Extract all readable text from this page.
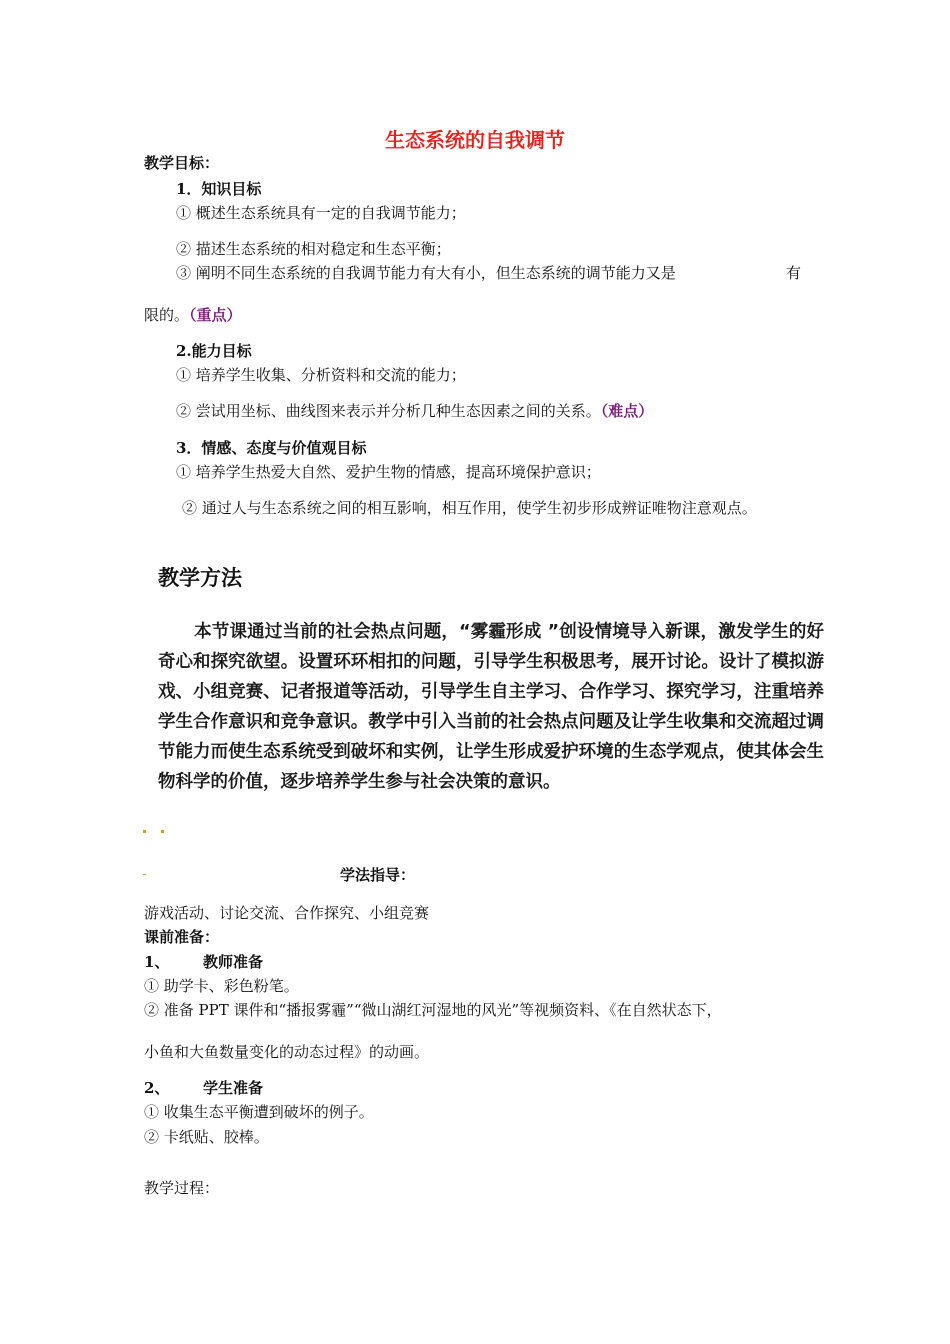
生态系统的自我调节
教学目标：
1．知识目标
① 概述生态系统具有一定的自我调节能力；
② 描述生态系统的相对稳定和生态平衡；
③ 阐明不同生态系统的自我调节能力有大有小，但生态系统的调节能力又是	有
限的。（重点）
2.能力目标
① 培养学生收集、分析资料和交流的能力；
② 尝试用坐标、曲线图来表示并分析几种生态因素之间的关系。（难点）
3．情感、态度与价值观目标
① 培养学生热爱大自然、爱护生物的情感，提高环境保护意识；
② 通过人与生态系统之间的相互影响，相互作用，使学生初步形成辨证唯物注意观点。
教学方法
本节课通过当前的社会热点问题，“雾霾形成 ”创设情境导入新课，激发学生的好奇心和探究欲望。设置环环相扣的问题，引导学生积极思考，展开讨论。设计了模拟游戏、小组竞赛、记者报道等活动，引导学生自主学习、合作学习、探究学习，注重培养学生合作意识和竞争意识。教学中引入当前的社会热点问题及让学生收集和交流超过调节能力而使生态系统受到破坏和实例，让学生形成爱护环境的生态学观点，使其体会生物科学的价值，逐步培养学生参与社会决策的意识。
学法指导：
游戏活动、讨论交流、合作探究、小组竞赛
课前准备：
1、 教师准备
① 助学卡、彩色粉笔。
② 准备 PPT 课件和“播报雾霾”“微山湖红河湿地的风光”等视频资料、《在自然状态下，
小鱼和大鱼数量变化的动态过程》的动画。
2、 学生准备
① 收集生态平衡遭到破坏的例子。
② 卡纸贴、胶棒。
教学过程：
